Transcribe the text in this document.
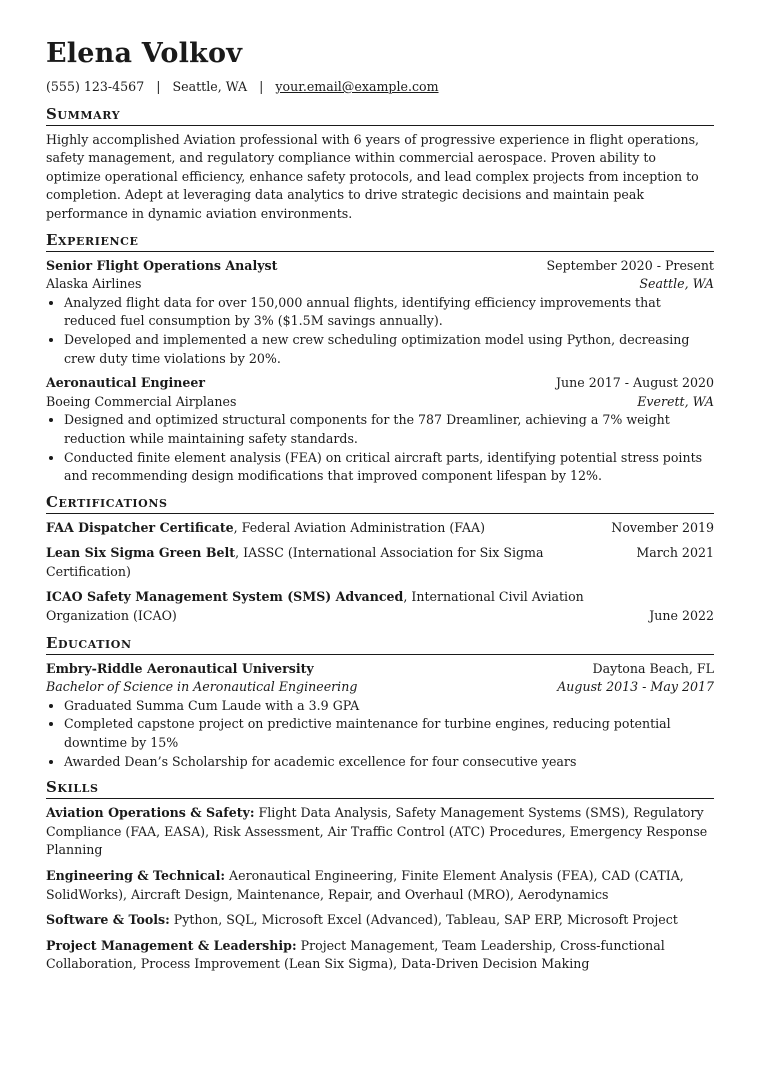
Elena Volkov
(555) 123-4567 | Seattle, WA | your.email@example.com
Summary

Highly accomplished Aviation professional with 6 years of progressive experience in flight operations, safety management, and regulatory compliance within commercial aerospace. Proven ability to optimize operational efficiency, enhance safety protocols, and lead complex projects from inception to completion. Adept at leveraging data analytics to drive strategic decisions and maintain peak performance in dynamic aviation environments.

Experience
Senior Flight Operations Analyst	September 2020 - Present
Alaska Airlines	Seattle, WA
• Analyzed flight data for over 150,000 annual flights, identifying efficiency improvements that reduced fuel consumption by 3% ($1.5M savings annually).
• Developed and implemented a new crew scheduling optimization model using Python, decreasing crew duty time violations by 20%.
Aeronautical Engineer	June 2017 - August 2020
Boeing Commercial Airplanes	Everett, WA
• Designed and optimized structural components for the 787 Dreamliner, achieving a 7% weight reduction while maintaining safety standards.
• Conducted finite element analysis (FEA) on critical aircraft parts, identifying potential stress points and recommending design modifications that improved component lifespan by 12%.
Certifications
FAA Dispatcher Certificate, Federal Aviation Administration (FAA)	November 2019
Lean Six Sigma Green Belt, IASSC (International Association for Six Sigma Certification)
March 2021
ICAO Safety Management System (SMS) Advanced, International Civil Aviation Organization (ICAO)	June 2022
Education
Embry-Riddle Aeronautical University	Daytona Beach, FL
Bachelor of Science in Aeronautical Engineering	August 2013 - May 2017
• Graduated Summa Cum Laude with a 3.9 GPA
• Completed capstone project on predictive maintenance for turbine engines, reducing potential downtime by 15%
• Awarded Dean’s Scholarship for academic excellence for four consecutive years
Skills
Aviation Operations & Safety: Flight Data Analysis, Safety Management Systems (SMS), Regulatory Compliance (FAA, EASA), Risk Assessment, Air Traffic Control (ATC) Procedures, Emergency Response Planning
Engineering & Technical: Aeronautical Engineering, Finite Element Analysis (FEA), CAD (CATIA, SolidWorks), Aircraft Design, Maintenance, Repair, and Overhaul (MRO), Aerodynamics
Software & Tools: Python, SQL, Microsoft Excel (Advanced), Tableau, SAP ERP, Microsoft Project
Project Management & Leadership: Project Management, Team Leadership, Cross-functional Collaboration, Process Improvement (Lean Six Sigma), Data-Driven Decision Making
